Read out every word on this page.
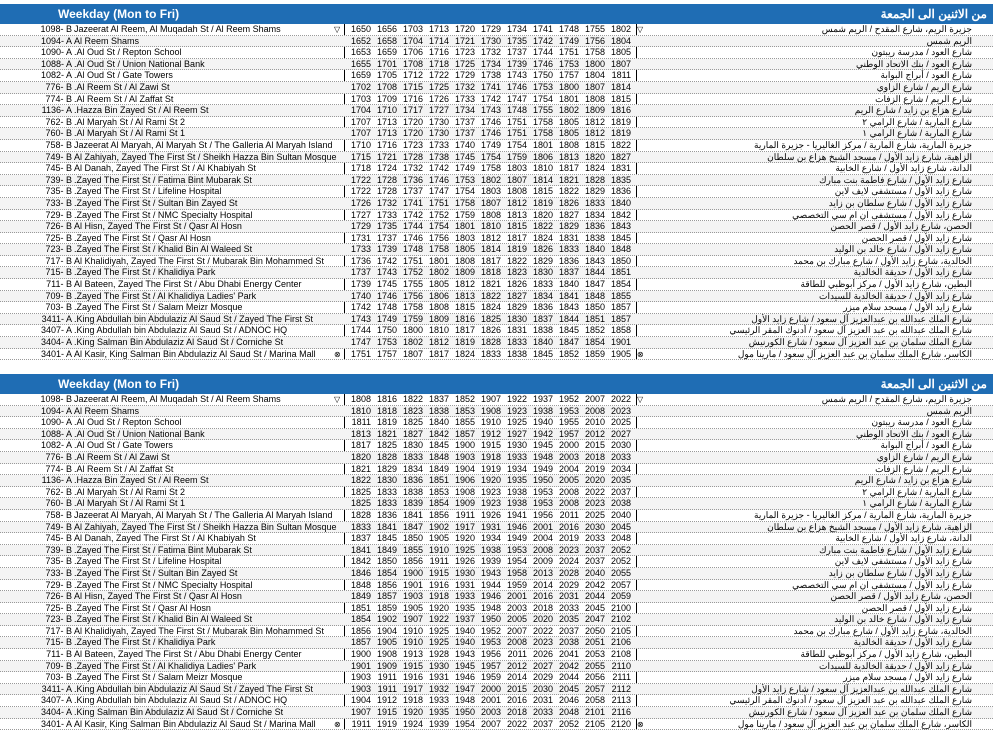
Weekday (Mon to Fri)	من الاثنين الى الجمعة
1098- B Jazeerat Al Reem, Al Muqadah St / Al Reem Shams	▽	1650 1656 1703 1713 1720 1729 1734 1741 1748 1755 1802 ▽	جزيرة الريم، شارع المقدح / الريم شمس
1094- A Al Reem Shams	1652 1658 1704 1714 1721 1730 1735 1742 1749 1756 1804	الريم شمس
1090- A .Al Oud St / Repton School	1653 1659 1706 1716 1723 1732 1737 1744 1751 1758 1805	شارع العود / مدرسة ريبتون
1088- A .Al Oud St / Union National Bank	1655 1701 1708 1718 1725 1734 1739 1746 1753 1800 1807	شارع العود / بنك الاتحاد الوطني
1082- A .Al Oud St / Gate Towers	1659 1705 1712 1722 1729 1738 1743 1750 1757 1804 1811	شارع العود / أبراج البوابة
776- B .Al Reem St / Al Zawi St	1702 1708 1715 1725 1732 1741 1746 1753 1800 1807 1814	شارع الريم / شارع الزاوي
774- B .Al Reem St / Al Zaffat St	1703 1709 1716 1726 1733 1742 1747 1754 1801 1808 1815	شارع الريم / شارع الزفات
1136- A .Hazza Bin Zayed St / Al Reem St	1704 1710 1717 1727 1734 1743 1748 1755 1802 1809 1816	شارع هزاع بن زايد / شارع الريم
762- B .Al Maryah St / Al Rami St 2	1707 1713 1720 1730 1737 1746 1751 1758 1805 1812 1819	شارع المارية / شارع الرامي ٢
760- B .Al Maryah St / Al Rami St 1	1707 1713 1720 1730 1737 1746 1751 1758 1805 1812 1819	شارع المارية / شارع الرامي ١
758- B Jazeerat Al Maryah, Al Maryah St / The Galleria Al Maryah Island	1710 1716 1723 1733 1740 1749 1754 1801 1808 1815 1822	جزيرة المارية، شارع المارية / مركز الغاليريا - جزيرة المارية
749- B Al Zahiyah, Zayed The First St / Sheikh Hazza Bin Sultan Mosque	1715 1721 1728 1738 1745 1754 1759 1806 1813 1820 1827	الزاهية، شارع زايد الأول / مسجد الشيخ هزاع بن سلطان
745- B Al Danah, Zayed The First St / Al Khabiyah St	1718 1724 1732 1742 1749 1758 1803 1810 1817 1824 1831	الدانة، شارع زايد الأول / شارع الخابية
739- B .Zayed The First St / Fatima Bint Mubarak St	1722 1728 1736 1746 1753 1802 1807 1814 1821 1828 1835	شارع زايد الأول / شارع فاطمة بنت مبارك
735- B .Zayed The First St / Lifeline Hospital	1722 1728 1737 1747 1754 1803 1808 1815 1822 1829 1836	شارع زايد الأول / مستشفى لايف لاين
733- B .Zayed The First St / Sultan Bin Zayed St	1726 1732 1741 1751 1758 1807 1812 1819 1826 1833 1840	شارع زايد الأول / شارع سلطان بن زايد
729- B .Zayed The First St / NMC Specialty Hospital	1727 1733 1742 1752 1759 1808 1813 1820 1827 1834 1842	شارع زايد الأول / مستشفى ان ام سي التخصصي
726- B Al Hisn, Zayed The First St / Qasr Al Hosn	1729 1735 1744 1754 1801 1810 1815 1822 1829 1836 1843	الحصن، شارع زايد الأول / قصر الحصن
725- B .Zayed The First St / Qasr Al Hosn	1731 1737 1746 1756 1803 1812 1817 1824 1831 1838 1845	شارع زايد الأول / قصر الحصن
723- B .Zayed The First St / Khalid Bin Al Waleed St	1733 1739 1748 1758 1805 1814 1819 1826 1833 1840 1848	شارع زايد الأول / شارع خالد بن الوليد
717- B Al Khalidiyah, Zayed The First St / Mubarak Bin Mohammed St	1736 1742 1751 1801 1808 1817 1822 1829 1836 1843 1850	الخالدية، شارع زايد الأول / شارع مبارك بن محمد
715- B .Zayed The First St / Khalidiya Park	1737 1743 1752 1802 1809 1818 1823 1830 1837 1844 1851	شارع زايد الأول / حديقة الخالدية
711- B Al Bateen, Zayed The First St / Abu Dhabi Energy Center	1739 1745 1755 1805 1812 1821 1826 1833 1840 1847 1854	البطين، شارع زايد الأول / مركز أبوظبي للطاقة
709- B .Zayed The First St / Al Khalidiya Ladies' Park	1740 1746 1756 1806 1813 1822 1827 1834 1841 1848 1855	شارع زايد الأول / حديقة الخالدية للسيدات
703- B .Zayed The First St / Salam Meizr Mosque	1742 1748 1758 1808 1815 1824 1829 1836 1843 1850 1857	شارع زايد الأول / مسجد سلام ميزر
3411- A .King Abdullah bin Abdulaziz Al Saud St / Zayed The First St	1743 1749 1759 1809 1816 1825 1830 1837 1844 1851 1857	شارع الملك عبدالله بن عبدالعزيز آل سعود / شارع زايد الأول
3407- A .King Abdullah bin Abdulaziz Al Saud St / ADNOC HQ	1744 1750 1800 1810 1817 1826 1831 1838 1845 1852 1858	شارع الملك عبدالله بن عبد العزيز آل سعود / أدنوك المقر الرئيسي
3404- A .King Salman Bin Abdulaziz Al Saud St / Corniche St	1747 1753 1802 1812 1819 1828 1833 1840 1847 1854 1901	شارع الملك سلمان بن عبد العزيز آل سعود / شارع الكورنيش
3401- A Al Kasir, King Salman Bin Abdulaziz Al Saud St / Marina Mall	⊗	1751 1757 1807 1817 1824 1833 1838 1845 1852 1859 1905 ⊗	الكاسر، شارع الملك سلمان بن عبد العزيز آل سعود / مارينا مول
Weekday (Mon to Fri)	من الاثنين الى الجمعة
1098- B Jazeerat Al Reem, Al Muqadah St / Al Reem Shams	▽	1808 1816 1822 1837 1852 1907 1922 1937 1952 2007 2022 ▽	جزيرة الريم، شارع المقدح / الريم شمس
1094- A Al Reem Shams	1810 1818 1823 1838 1853 1908 1923 1938 1953 2008 2023	الريم شمس
1090- A .Al Oud St / Repton School	1811 1819 1825 1840 1855 1910 1925 1940 1955 2010 2025	شارع العود / مدرسة ريبتون
1088- A .Al Oud St / Union National Bank	1813 1821 1827 1842 1857 1912 1927 1942 1957 2012 2027	شارع العود / بنك الاتحاد الوطني
1082- A .Al Oud St / Gate Towers	1817 1825 1830 1845 1900 1915 1930 1945 2000 2015 2030	شارع العود / أبراج البوابة
776- B .Al Reem St / Al Zawi St	1820 1828 1833 1848 1903 1918 1933 1948 2003 2018 2033	شارع الريم / شارع الزاوي
774- B .Al Reem St / Al Zaffat St	1821 1829 1834 1849 1904 1919 1934 1949 2004 2019 2034	شارع الريم / شارع الزفات
1136- A .Hazza Bin Zayed St / Al Reem St	1822 1830 1836 1851 1906 1920 1935 1950 2005 2020 2035	شارع هزاع بن زايد / شارع الريم
762- B .Al Maryah St / Al Rami St 2	1825 1833 1838 1853 1908 1923 1938 1953 2008 2022 2037	شارع المارية / شارع الرامي ٢
760- B .Al Maryah St / Al Rami St 1	1825 1833 1839 1854 1909 1923 1938 1953 2008 2023 2038	شارع المارية / شارع الرامي ١
758- B Jazeerat Al Maryah, Al Maryah St / The Galleria Al Maryah Island	1828 1836 1841 1856 1911 1926 1941 1956 2011 2025 2040	جزيرة المارية، شارع المارية / مركز الغاليريا - جزيرة المارية
749- B Al Zahiyah, Zayed The First St / Sheikh Hazza Bin Sultan Mosque	1833 1841 1847 1902 1917 1931 1946 2001 2016 2030 2045	الزاهية، شارع زايد الأول / مسجد الشيخ هزاع بن سلطان
745- B Al Danah, Zayed The First St / Al Khabiyah St	1837 1845 1850 1905 1920 1934 1949 2004 2019 2033 2048	الدانة، شارع زايد الأول / شارع الخابية
739- B .Zayed The First St / Fatima Bint Mubarak St	1841 1849 1855 1910 1925 1938 1953 2008 2023 2037 2052	شارع زايد الأول / شارع فاطمة بنت مبارك
735- B .Zayed The First St / Lifeline Hospital	1842 1850 1856 1911 1926 1939 1954 2009 2024 2037 2052	شارع زايد الأول / مستشفى لايف لاين
733- B .Zayed The First St / Sultan Bin Zayed St	1846 1854 1900 1915 1930 1943 1958 2013 2028 2040 2055	شارع زايد الأول / شارع سلطان بن زايد
729- B .Zayed The First St / NMC Specialty Hospital	1848 1856 1901 1916 1931 1944 1959 2014 2029 2042 2057	شارع زايد الأول / مستشفى ان ام سي التخصصي
726- B Al Hisn, Zayed The First St / Qasr Al Hosn	1849 1857 1903 1918 1933 1946 2001 2016 2031 2044 2059	الحصن، شارع زايد الأول / قصر الحصن
725- B .Zayed The First St / Qasr Al Hosn	1851 1859 1905 1920 1935 1948 2003 2018 2033 2045 2100	شارع زايد الأول / قصر الحصن
723- B .Zayed The First St / Khalid Bin Al Waleed St	1854 1902 1907 1922 1937 1950 2005 2020 2035 2047 2102	شارع زايد الأول / شارع خالد بن الوليد
717- B Al Khalidiyah, Zayed The First St / Mubarak Bin Mohammed St	1856 1904 1910 1925 1940 1952 2007 2022 2037 2050 2105	الخالدية، شارع زايد الأول / شارع مبارك بن محمد
715- B .Zayed The First St / Khalidiya Park	1857 1905 1910 1925 1940 1953 2008 2023 2038 2051 2106	شارع زايد الأول / حديقة الخالدية
711- B Al Bateen, Zayed The First St / Abu Dhabi Energy Center	1900 1908 1913 1928 1943 1956 2011 2026 2041 2053 2108	البطين، شارع زايد الأول / مركز أبوظبي للطاقة
709- B .Zayed The First St / Al Khalidiya Ladies' Park	1901 1909 1915 1930 1945 1957 2012 2027 2042 2055 2110	شارع زايد الأول / حديقة الخالدية للسيدات
703- B .Zayed The First St / Salam Meizr Mosque	1903 1911 1916 1931 1946 1959 2014 2029 2044 2056 2111	شارع زايد الأول / مسجد سلام ميزر
3411- A .King Abdullah bin Abdulaziz Al Saud St / Zayed The First St	1903 1911 1917 1932 1947 2000 2015 2030 2045 2057 2112	شارع الملك عبدالله بن عبدالعزيز آل سعود / شارع زايد الأول
3407- A .King Abdullah bin Abdulaziz Al Saud St / ADNOC HQ	1904 1912 1918 1933 1948 2001 2016 2031 2046 2058 2113	شارع الملك عبدالله بن عبد العزيز آل سعود / أدنوك المقر الرئيسي
3404- A .King Salman Bin Abdulaziz Al Saud St / Corniche St	1907 1915 1920 1935 1950 2003 2018 2033 2048 2101 2116	شارع الملك سلمان بن عبد العزيز آل سعود / شارع الكورنيش
3401- A Al Kasir, King Salman Bin Abdulaziz Al Saud St / Marina Mall	⊗	1911 1919 1924 1939 1954 2007 2022 2037 2052 2105 2120 ⊗	الكاسر، شارع الملك سلمان بن عبد العزيز آل سعود / مارينا مول
